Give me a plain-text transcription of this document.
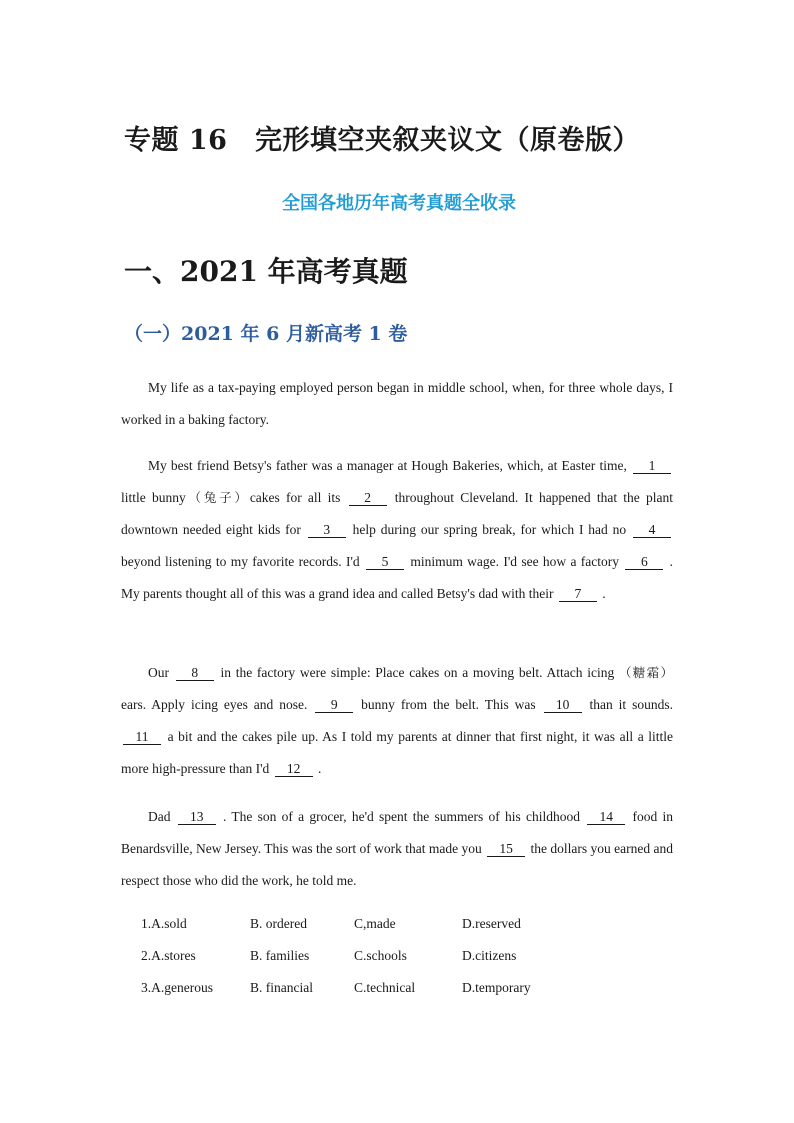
专题 16　完形填空夹叙夹议文（原卷版）
全国各地历年高考真题全收录
一、2021 年高考真题
（一）2021 年 6 月新高考 1 卷
My life as a tax-paying employed person began in middle school, when, for three whole days, I worked in a baking factory.
My best friend Betsy's father was a manager at Hough Bakeries, which, at Easter time, 1 little bunny（兔子）cakes for all its 2 throughout Cleveland. It happened that the plant downtown needed eight kids for 3 help during our spring break, for which I had no 4 beyond listening to my favorite records. I'd 5 minimum wage. I'd see how a factory 6 . My parents thought all of this was a grand idea and called Betsy's dad with their 7 .
Our 8 in the factory were simple: Place cakes on a moving belt. Attach icing （糖霜）ears. Apply icing eyes and nose. 9 bunny from the belt. This was 10 than it sounds. 11 a bit and the cakes pile up. As I told my parents at dinner that first night, it was all a little more high-pressure than I'd 12 .
Dad 13 . The son of a grocer, he'd spent the summers of his childhood 14 food in Benardsville, New Jersey. This was the sort of work that made you 15 the dollars you earned and respect those who did the work, he told me.
1.A.sold	B. ordered	C,made	D.reserved
2.A.stores	B. families	C.schools	D.citizens
3.A.generous	B. financial	C.technical	D.temporary
